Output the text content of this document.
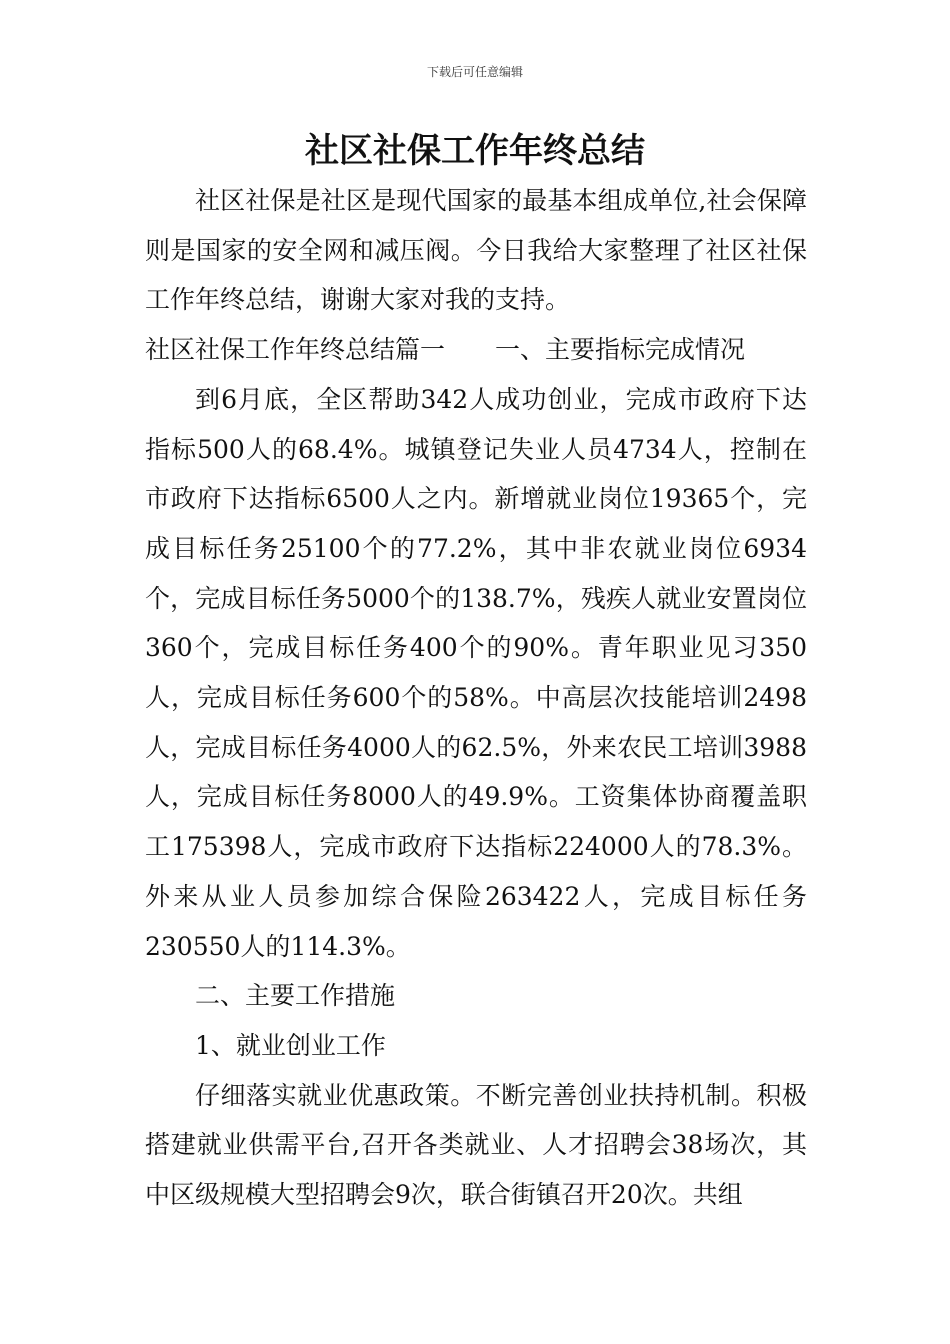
下载后可任意编辑
社区社保工作年终总结

社区社保是社区是现代国家的最基本组成单位,社会保障则是国家的安全网和减压阀。今日我给大家整理了社区社保工作年终总结，谢谢大家对我的支持。

社区社保工作年终总结篇一 一、主要指标完成情况

到6月底，全区帮助342人成功创业，完成市政府下达指标500人的68.4%。城镇登记失业人员4734人，控制在市政府下达指标6500人之内。新增就业岗位19365个，完成目标任务25100个的77.2%，其中非农就业岗位6934个，完成目标任务5000个的138.7%，残疾人就业安置岗位360个，完成目标任务400个的90%。青年职业见习350人，完成目标任务600个的58%。中高层次技能培训2498人，完成目标任务4000人的62.5%，外来农民工培训3988人，完成目标任务8000人的49.9%。工资集体协商覆盖职工175398人，完成市政府下达指标224000人的78.3%。外来从业人员参加综合保险263422人，完成目标任务230550人的114.3%。

二、主要工作措施

1、就业创业工作

仔细落实就业优惠政策。不断完善创业扶持机制。积极搭建就业供需平台,召开各类就业、人才招聘会38场次，其中区级规模大型招聘会9次，联合街镇召开20次。共组
